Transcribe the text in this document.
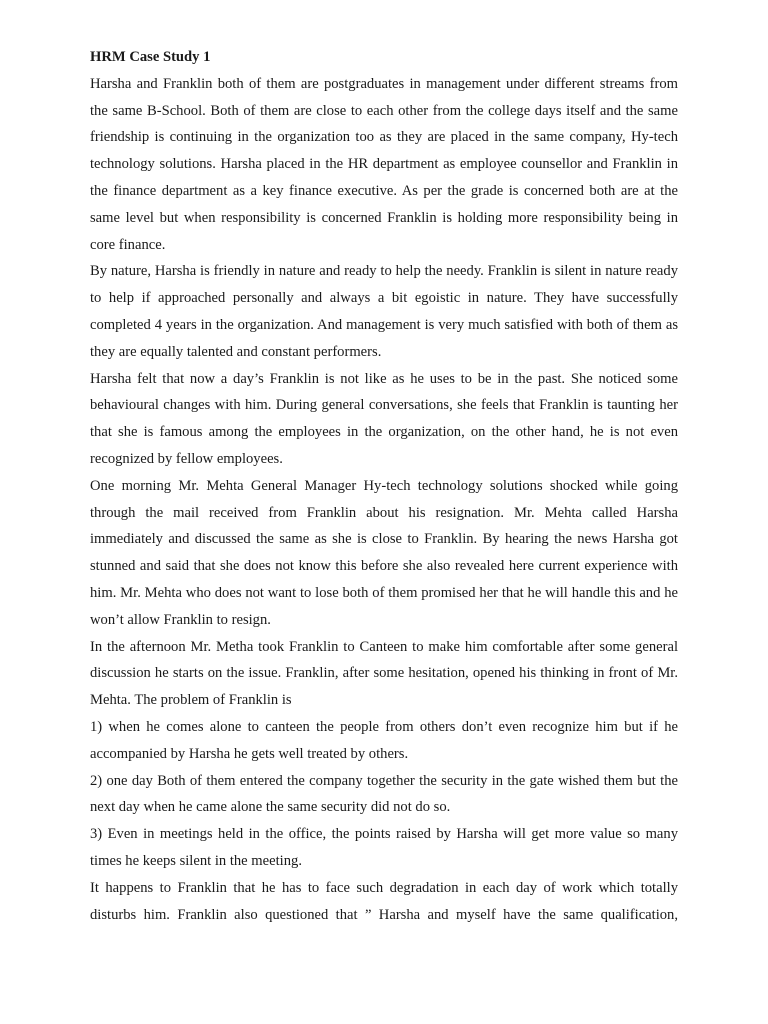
HRM Case Study 1

Harsha and Franklin both of them are postgraduates in management under different streams from the same B-School. Both of them are close to each other from the college days itself and the same friendship is continuing in the organization too as they are placed in the same company, Hy-tech technology solutions. Harsha placed in the HR department as employee counsellor and Franklin in the finance department as a key finance executive. As per the grade is concerned both are at the same level but when responsibility is concerned Franklin is holding more responsibility being in core finance.

By nature, Harsha is friendly in nature and ready to help the needy. Franklin is silent in nature ready to help if approached personally and always a bit egoistic in nature. They have successfully completed 4 years in the organization. And management is very much satisfied with both of them as they are equally talented and constant performers.

Harsha felt that now a day’s Franklin is not like as he uses to be in the past. She noticed some behavioural changes with him. During general conversations, she feels that Franklin is taunting her that she is famous among the employees in the organization, on the other hand, he is not even recognized by fellow employees.

One morning Mr. Mehta General Manager Hy-tech technology solutions shocked while going through the mail received from Franklin about his resignation. Mr. Mehta called Harsha immediately and discussed the same as she is close to Franklin. By hearing the news Harsha got stunned and said that she does not know this before she also revealed here current experience with him. Mr. Mehta who does not want to lose both of them promised her that he will handle this and he won’t allow Franklin to resign.

In the afternoon Mr. Metha took Franklin to Canteen to make him comfortable after some general discussion he starts on the issue. Franklin, after some hesitation, opened his thinking in front of Mr. Mehta. The problem of Franklin is

1) when he comes alone to canteen the people from others don’t even recognize him but if he accompanied by Harsha he gets well treated by others.

2) one day Both of them entered the company together the security in the gate wished them but the next day when he came alone the same security did not do so.

3) Even in meetings held in the office, the points raised by Harsha will get more value so many times he keeps silent in the meeting.

It happens to Franklin that he has to face such degradation in each day of work which totally disturbs him. Franklin also questioned that ” Harsha and myself have the same qualification,
